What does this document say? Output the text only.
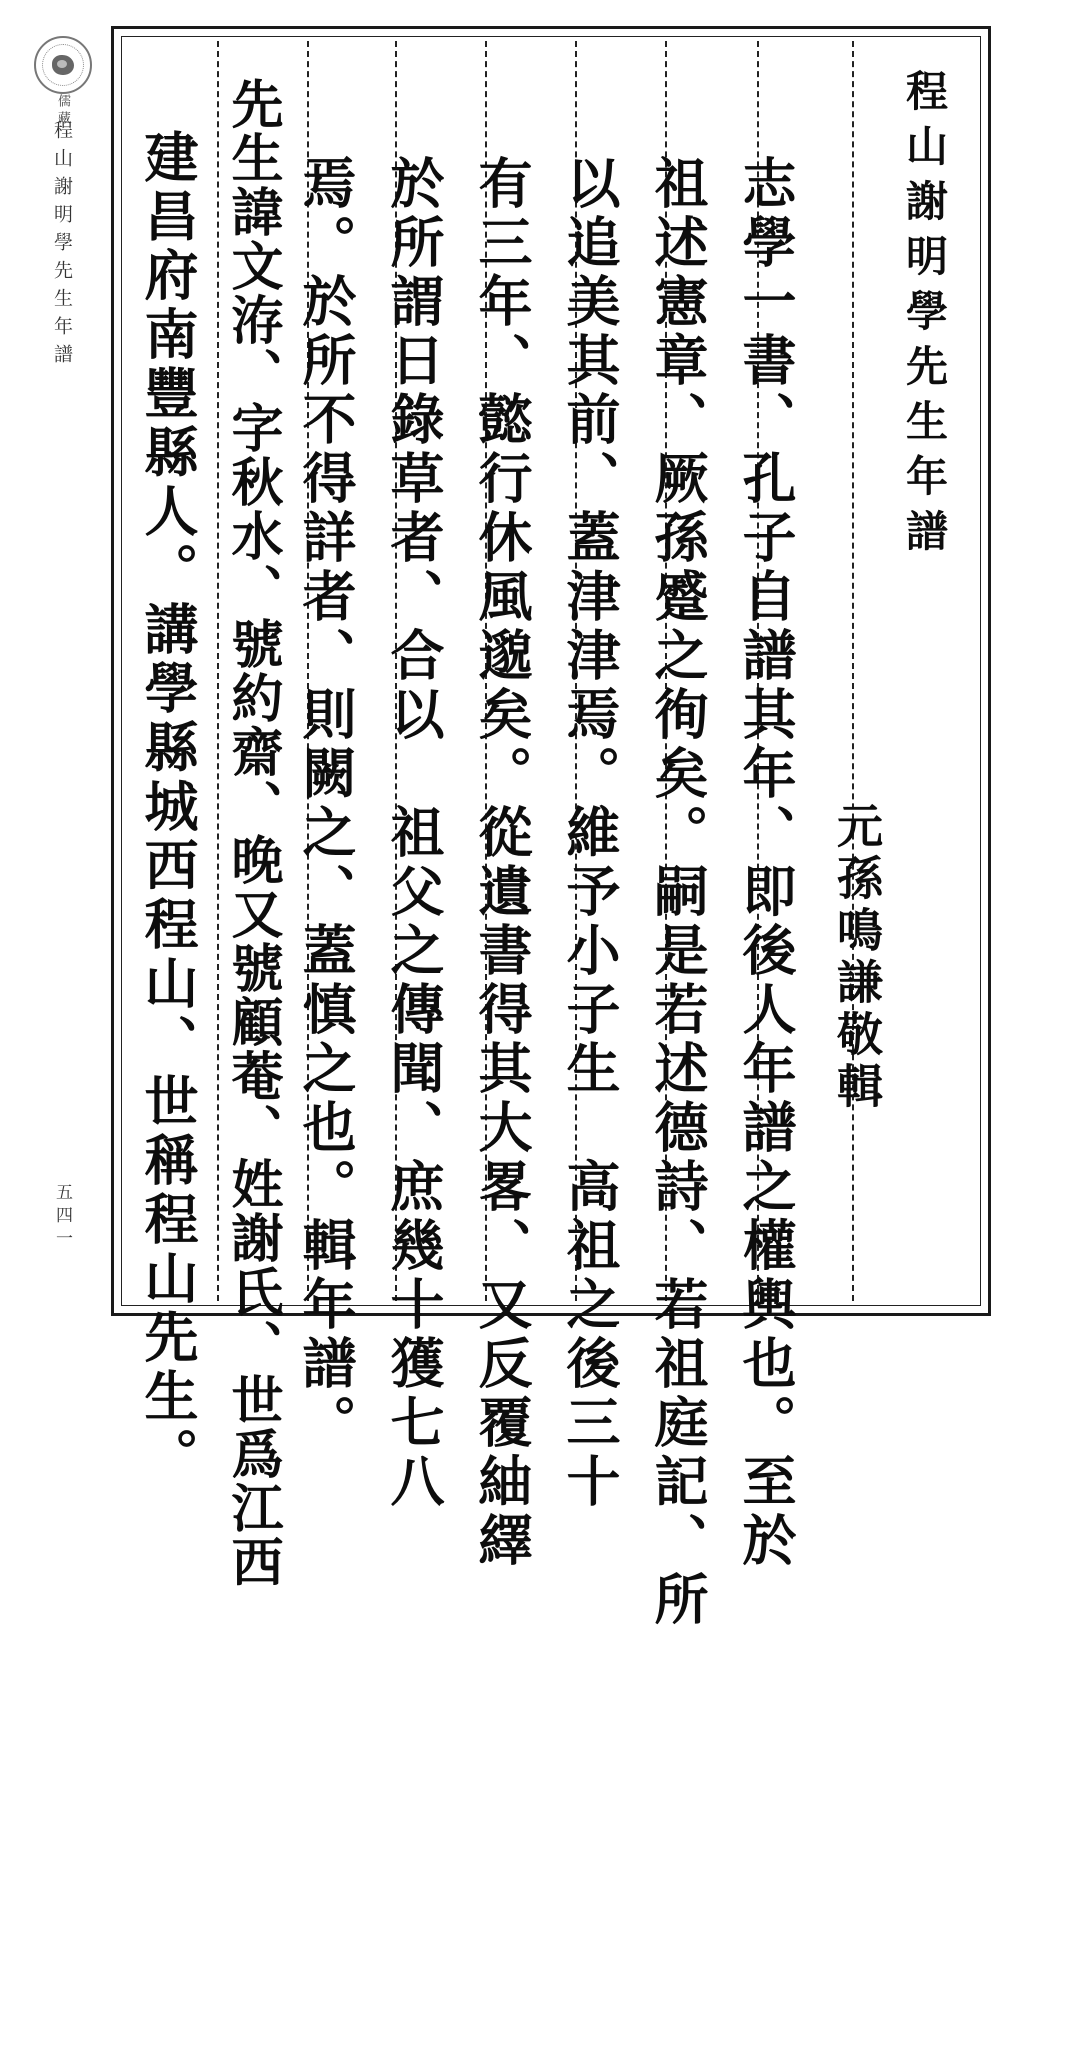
儒藏
程山謝明學先生年譜
五四一

程山謝明學先生年譜

元孫鳴謙敬輯

志學一書、孔子自譜其年、即後人年譜之權輿也。至於

祖述憲章、厥孫蹙之徇矣。嗣是若述德詩、若祖庭記、所

以追美其前、蓋津津焉。維予小子生　高祖之後三十

有三年、懿行休風邈矣。從遺書得其大畧、又反覆紬繹

於所謂日錄草者、合以　祖父之傳聞、庶幾十獲七八

焉。於所不得詳者、則闕之、蓋慎之也。輯年譜。

先生諱文洊、字秋水、號約齋、晚又號顧菴、姓謝氏、世爲江西

建昌府南豐縣人。講學縣城西程山、世稱程山先生。
